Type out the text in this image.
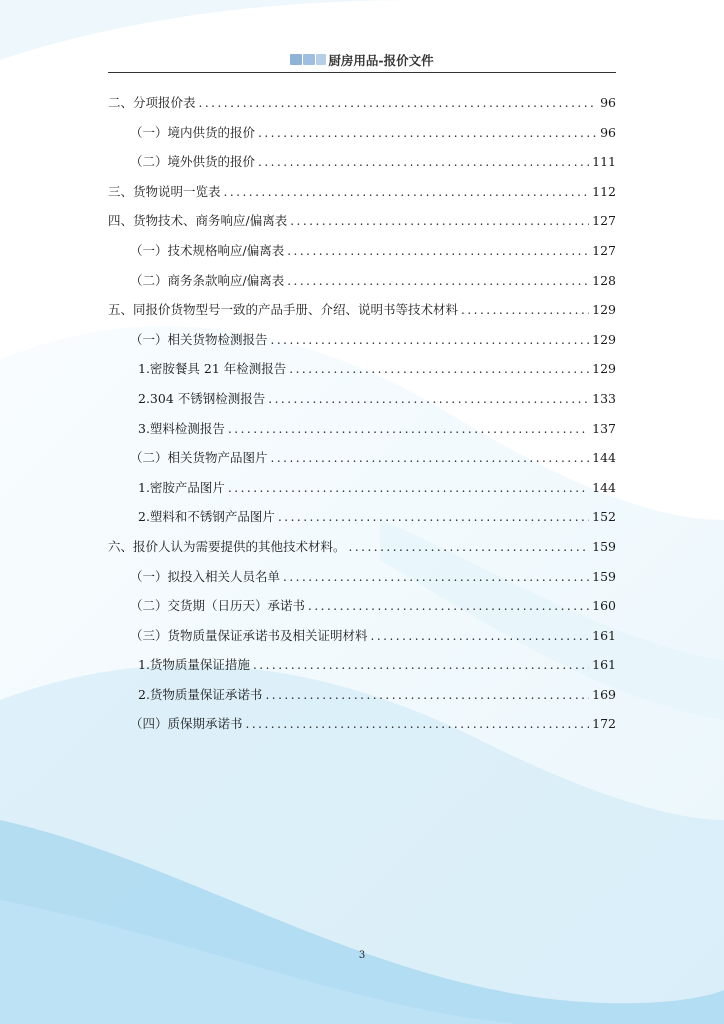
厨房用品-报价文件
二、分项报价表 .....	96
（一）境内供货的报价 .....	96
（二）境外供货的报价 .....	111
三、货物说明一览表 .....	112
四、货物技术、商务响应/偏离表 .....	127
（一）技术规格响应/偏离表 .....	127
（二）商务条款响应/偏离表 .....	128
五、同报价货物型号一致的产品手册、介绍、说明书等技术材料 .....	129
（一）相关货物检测报告 .....	129
1.密胺餐具 21 年检测报告 .....	129
2.304 不锈钢检测报告 .....	133
3.塑料检测报告 .....	137
（二）相关货物产品图片 .....	144
1.密胺产品图片 .....	144
2.塑料和不锈钢产品图片 .....	152
六、报价人认为需要提供的其他技术材料。 .....	159
（一）拟投入相关人员名单 .....	159
（二）交货期（日历天）承诺书 .....	160
（三）货物质量保证承诺书及相关证明材料 .....	161
1.货物质量保证措施 .....	161
2.货物质量保证承诺书 .....	169
（四）质保期承诺书 .....	172
3
